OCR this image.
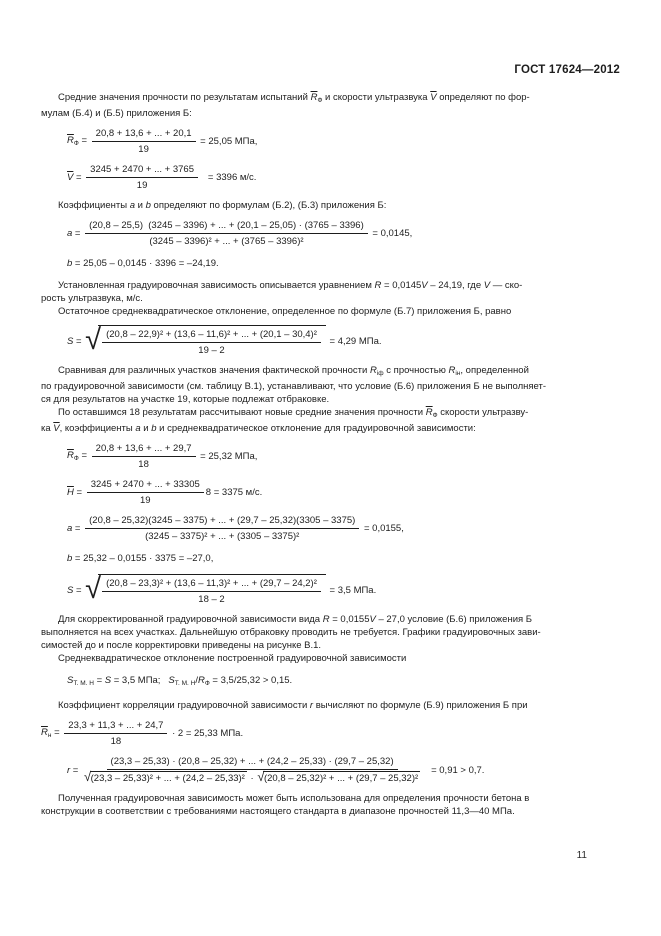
ГОСТ 17624—2012

Средние значения прочности по результатам испытаний $\overline{R}_Ф$ и скорости ультразвука $\overline{V}$ определяют по фор-
мулам (Б.4) и (Б.5) приложения Б:

$\overline{R}_Ф = \frac{20,8 + 13,6 + ... + 20,1}{19} = 25,05$ МПа,
$\overline{V} = \frac{3245 + 2470 + ... + 3765}{19} = 3396$ м/с.

Коэффициенты a и b определяют по формулам (Б.2), (Б.3) приложения Б:

a =
(20,8 – 25,5)  (3245 – 3396) + ... + (20,1 – 25,05) · (3765 – 3396)
(3245 – 3396)² + ... + (3765 – 3396)²
= 0,0145,
b = 25,05 – 0,0145 · 3396 = –24,19.

Установленная градуировочная зависимость описывается уравнением R = 0,0145V – 24,19, где V — ско-
рость ультразвука, м/с.

Остаточное среднеквадратическое отклонение, определенное по формуле (Б.7) приложения Б, равно

S = √ $\frac{\text{(20,8 – 22,9)² + (13,6 – 11,6)² + ... + (20,1 – 30,4)²}}{19 - 2} = 4,29$ МПа.

Сравнивая для различных участков значения фактической прочности $R_{iф}$ с прочностью $R_{iн}$, определенной
по градуировочной зависимости (см. таблицу В.1), устанавливают, что условие (Б.6) приложения Б не выполняет-
ся для результатов на участке 19, которые подлежат отбраковке.

По оставшимся 18 результатам рассчитывают новые средние значения прочности $\overline{R}_Ф$ скорости ультразву-
ка $\overline{V}$, коэффициенты a и b и среднеквадратическое отклонение для градуировочной зависимости:

$\overline{R}_Ф = \frac{20,8 + 13,6 + ... + 29,7}{18} = 25,32$ МПа,
$\overline{H} = \frac{3245 + 2470 + ... + 33305}{19} 8 = 3375$ м/с.
a =
(20,8 – 25,32)(3245 – 3375) + ... + (29,7 – 25,32)(3305 – 3375)
(3245 – 3375)² + ... + (3305 – 3375)²
= 0,0155,
b = 25,32 – 0,0155 · 3375 = –27,0,
S = √ $\frac{\text{(20,8 – 23,3)² + (13,6 – 11,3)² + ... + (29,7 – 24,2)²}}{18 - 2} = 3,5$ МПа.

Для скорректированной градуировочной зависимости вида R = 0,0155V – 27,0 условие (Б.6) приложения Б
выполняется на всех участках. Дальнейшую отбраковку проводить не требуется. Графики градуировочных зави-
симостей до и после корректировки приведены на рисунке В.1.

Среднеквадратическое отклонение построенной градуировочной зависимости

$S_{Т. М. Н} = S = 3,5$ МПа;   $S_{Т. М. Н}/R_Ф = 3,5/25,32 > 0,15$.

Коэффициент корреляции градуировочной зависимости r вычисляют по формуле (Б.9) приложения Б при

$\overline{R}_н = \frac{23,3 + 11,3 + ... + 24,7}{18} \cdot 2 = 25,33$ МПа.
r =
(23,3 – 25,33) · (20,8 – 25,32) + ... + (24,2 – 25,33) · (29,7 – 25,32)
√ (23,3 – 25,33)² + ... + (24,2 – 25,33)² · √ (20,8 – 25,32)² + ... + (29,7 – 25,32)²
= 0,91 > 0,7.

Полученная градуировочная зависимость может быть использована для определения прочности бетона в
конструкции в соответствии с требованиями настоящего стандарта в диапазоне прочностей 11,3—40 МПа.

11
